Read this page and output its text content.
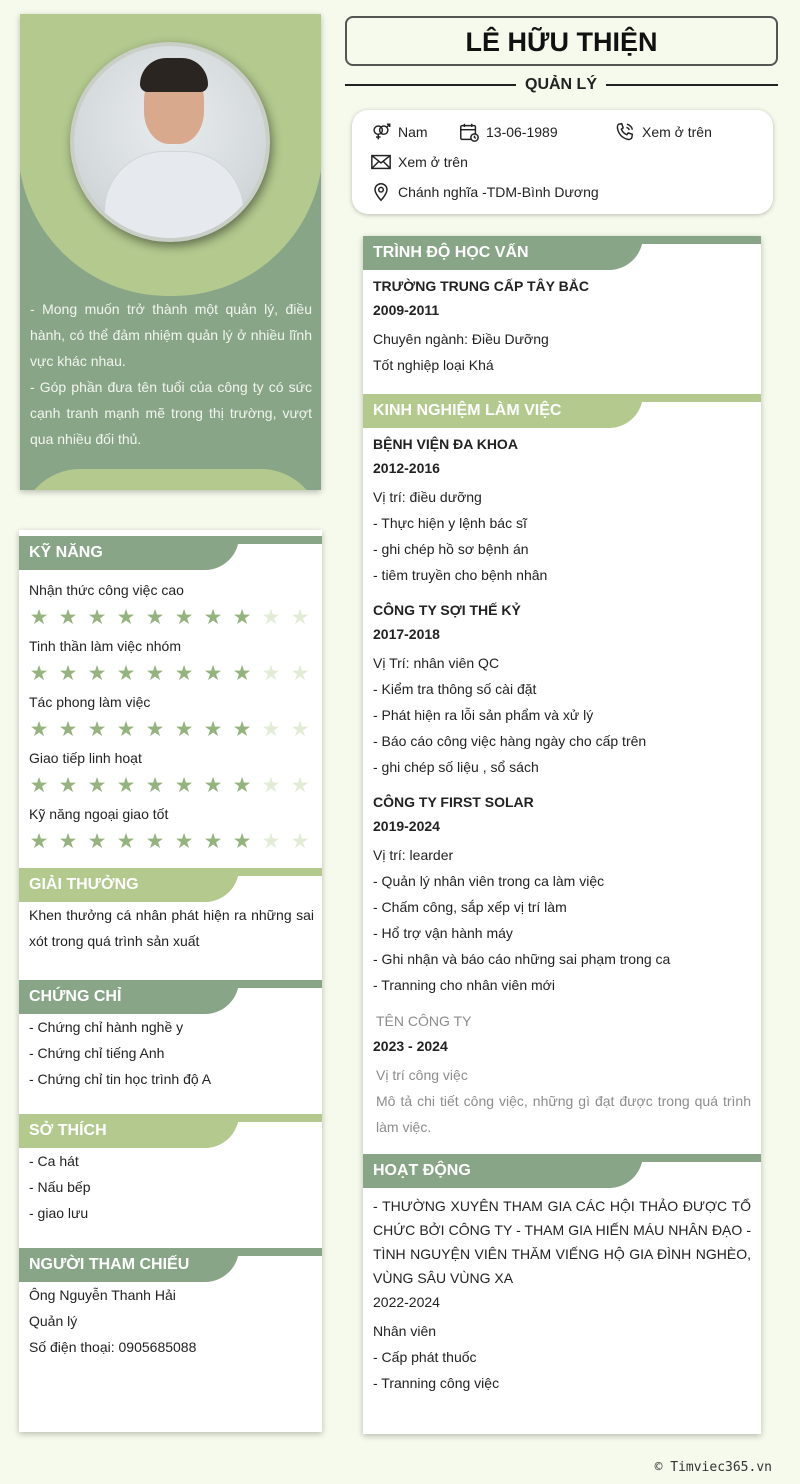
- Mong muốn trở thành một quản lý, điều hành, có thể đảm nhiệm quản lý ở nhiều lĩnh vực khác nhau.

- Góp phần đưa tên tuổi của công ty có sức cạnh tranh mạnh mẽ trong thị trường, vượt qua nhiều đối thủ.

KỸ NĂNG
Nhận thức công việc cao
★ ★ ★ ★ ★ ★ ★ ★ ★ ★
Tinh thần làm việc nhóm
★ ★ ★ ★ ★ ★ ★ ★ ★ ★
Tác phong làm việc
★ ★ ★ ★ ★ ★ ★ ★ ★ ★
Giao tiếp linh hoạt
★ ★ ★ ★ ★ ★ ★ ★ ★ ★
Kỹ năng ngoại giao tốt
★ ★ ★ ★ ★ ★ ★ ★ ★ ★
GIẢI THƯỞNG
Khen thưởng cá nhân phát hiện ra những sai xót trong quá trình sản xuất
CHỨNG CHỈ
- Chứng chỉ hành nghề y
- Chứng chỉ tiếng Anh
- Chứng chỉ tin học trình độ A
SỞ THÍCH
- Ca hát
- Nấu bếp
- giao lưu
NGƯỜI THAM CHIẾU
Ông Nguyễn Thanh Hải
Quản lý
Số điện thoại: 0905685088
LÊ HỮU THIỆN
QUẢN LÝ
Nam	13-06-1989	Xem ở trên
Xem ở trên
Chánh nghĩa -TDM-Bình Dương
TRÌNH ĐỘ HỌC VẤN
TRƯỜNG TRUNG CẤP TÂY BẮC
2009-2011
Chuyên ngành: Điều Dưỡng
Tốt nghiệp loại Khá
KINH NGHIỆM LÀM VIỆC
BỆNH VIỆN ĐA KHOA
2012-2016
Vị trí: điều dưỡng
- Thực hiện y lệnh bác sĩ
- ghi chép hồ sơ bệnh án
- tiêm truyền cho bệnh nhân
CÔNG TY SỢI THẾ KỶ
2017-2018
Vị Trí: nhân viên QC
- Kiểm tra thông số cài đặt
- Phát hiện ra lỗi sản phẩm và xử lý
- Báo cáo công việc hàng ngày cho cấp trên
- ghi chép số liệu , sổ sách
CÔNG TY FIRST SOLAR
2019-2024
Vị trí: learder
- Quản lý nhân viên trong ca làm việc
- Chấm công, sắp xếp vị trí làm
- Hổ trợ vận hành máy
- Ghi nhận và báo cáo những sai phạm trong ca
- Tranning cho nhân viên mới
TÊN CÔNG TY
2023 - 2024
Vị trí công việc
Mô tả chi tiết công việc, những gì đạt được trong quá trình làm việc.
HOẠT ĐỘNG
- THƯỜNG XUYÊN THAM GIA CÁC HỘI THẢO ĐƯỢC TỔ CHỨC BỞI CÔNG TY - THAM GIA HIẾN MÁU NHÂN ĐẠO - TÌNH NGUYỆN VIÊN THĂM VIẾNG HỘ GIA ĐÌNH NGHÈO, VÙNG SÂU VÙNG XA
2022-2024
Nhân viên
- Cấp phát thuốc
- Tranning công việc
© Timviec365.vn
